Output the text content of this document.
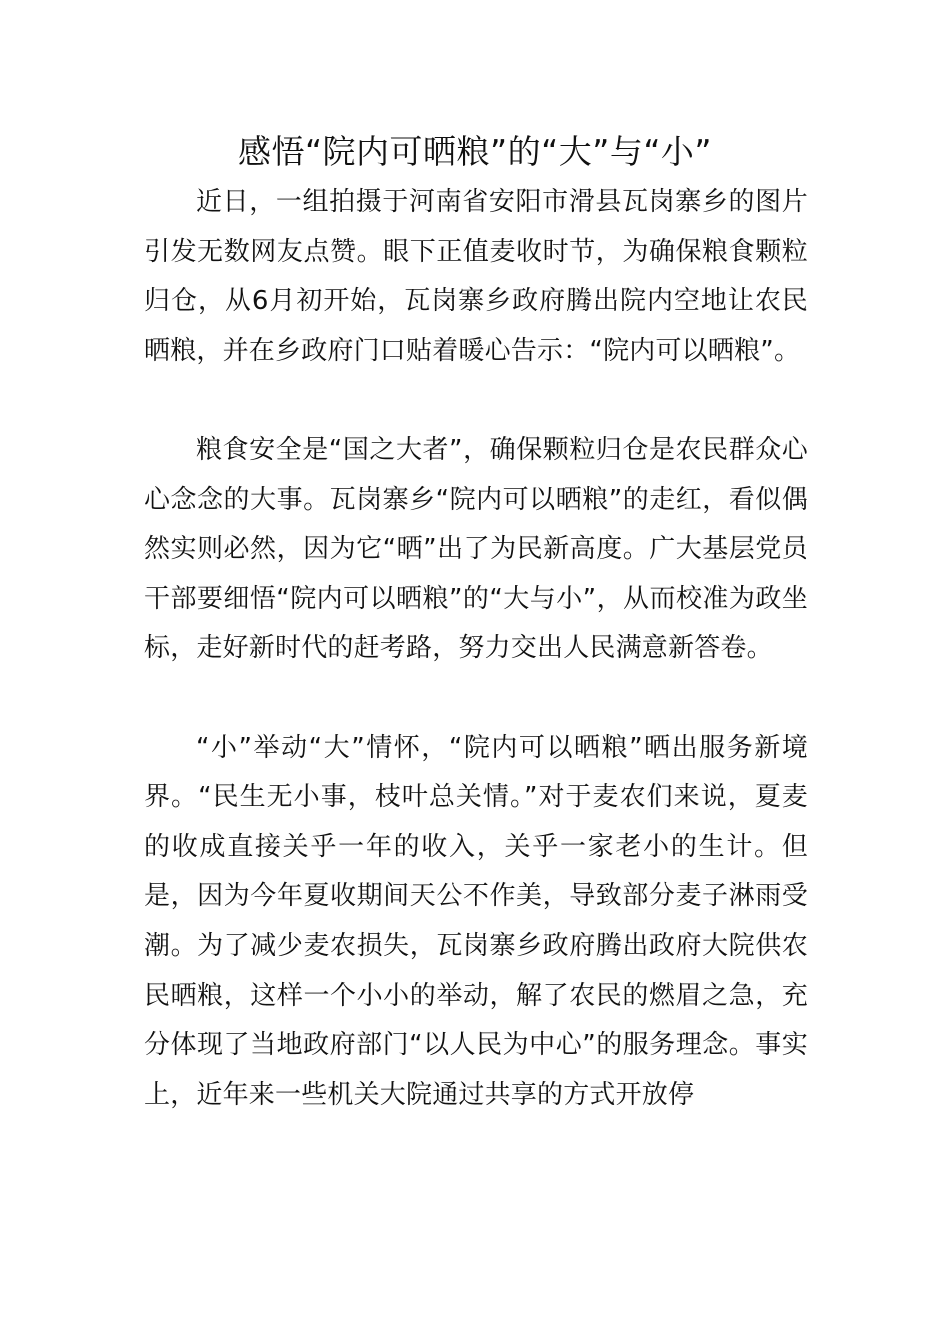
感悟“院内可晒粮”的“大”与“小”

近日，一组拍摄于河南省安阳市滑县瓦岗寨乡的图片引发无数网友点赞。眼下正值麦收时节，为确保粮食颗粒归仓，从6月初开始，瓦岗寨乡政府腾出院内空地让农民晒粮，并在乡政府门口贴着暖心告示：“院内可以晒粮”。

粮食安全是“国之大者”，确保颗粒归仓是农民群众心心念念的大事。瓦岗寨乡“院内可以晒粮”的走红，看似偶然实则必然，因为它“晒”出了为民新高度。广大基层党员干部要细悟“院内可以晒粮”的“大与小”，从而校准为政坐标，走好新时代的赶考路，努力交出人民满意新答卷。

“小”举动“大”情怀，“院内可以晒粮”晒出服务新境界。“民生无小事，枝叶总关情。”对于麦农们来说，夏麦的收成直接关乎一年的收入，关乎一家老小的生计。但是，因为今年夏收期间天公不作美，导致部分麦子淋雨受潮。为了减少麦农损失，瓦岗寨乡政府腾出政府大院供农民晒粮，这样一个小小的举动，解了农民的燃眉之急，充分体现了当地政府部门“以人民为中心”的服务理念。事实上，近年来一些机关大院通过共享的方式开放停
